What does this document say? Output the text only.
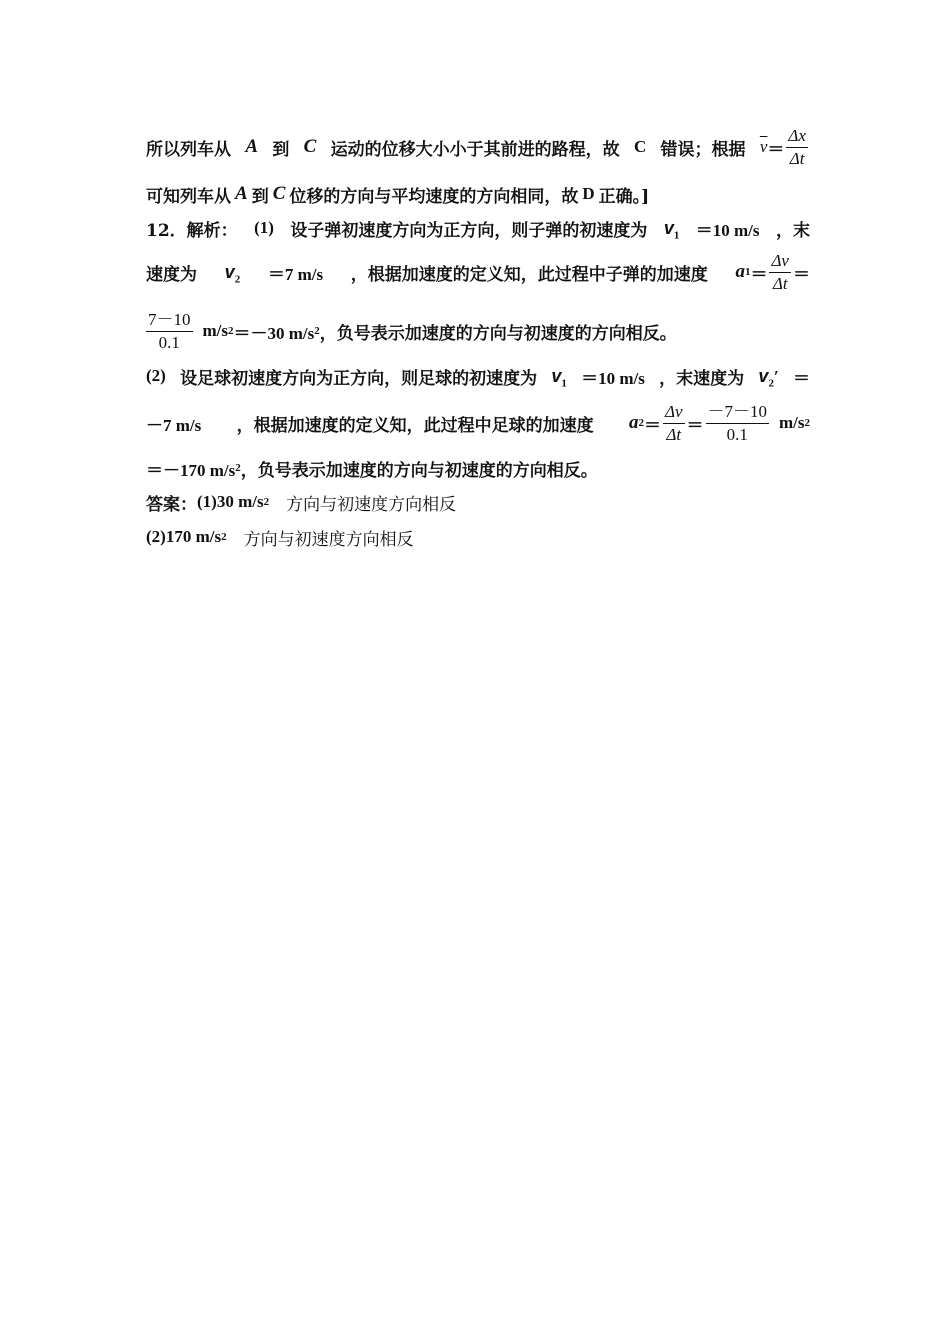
所以列车从 A 到 C 运动的位移大小小于其前进的路程，故 C 错误；根据 $\overline{v} = \frac{\Delta x}{\Delta t}$
可知列车从 A 到 C 位移的方向与平均速度的方向相同，故 D 正确。]
12．解析： (1) 设子弹初速度方向为正方向，则子弹的初速度为 $v_1 =10$ m/s ，末
速度为 $v_2 =7$ m/s ，根据加速度的定义知，此过程中子弹的加速度 a $1 = \frac{\Delta v}{\Delta t}$ ＝
$\frac{7-10}{0.1} m/s$ 2 ＝－30 m/s 2 ，负号表示加速度的方向与初速度的方向相反。
(2) 设足球初速度方向为正方向，则足球的初速度为 $v_1 =10$ m/s ，末速度为 $v_2'$ ＝
－7 m/s ，根据加速度的定义知，此过程中足球的加速度 a $2 = \frac{\Delta v}{\Delta t} = \frac{-7-10}{0.1} m/s$ 2
＝－170 m/s 2 ，负号表示加速度的方向与初速度的方向相反。
答案： (1)30 m/s 2 　方向与初速度方向相反
(2)170 m/s 2 　方向与初速度方向相反
